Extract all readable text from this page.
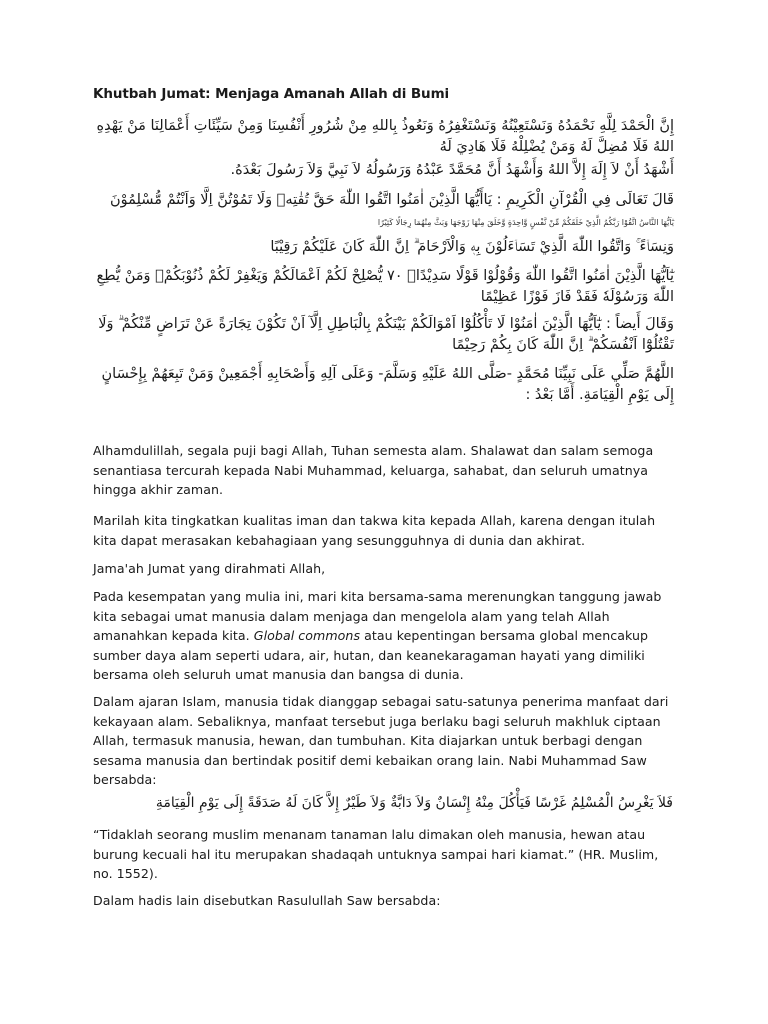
Khutbah Jumat: Menjaga Amanah Allah di Bumi
إِنَّ الْحَمْدَ لِلَّهِ نَحْمَدُهُ وَنَسْتَعِيْنُهُ وَنَسْتَغْفِرُهُ وَنَعُوذُ بِاللهِ مِنْ شُرُورِ أَنْفُسِنَا وَمِنْ سَيِّئَاتِ أَعْمَالِنَا مَنْ يَهْدِهِ اللهُ فَلَا مُضِلَّ لَهُ وَمَنْ يُضْلِلْهُ فَلَا هَادِيَ لَهُ
أَشْهَدُ أَنْ لاَ إِلَهَ إِلاَّ اللهُ وَأَشْهَدُ أَنَّ مُحَمَّدً عَبْدُهُ وَرَسُولُهُ لاَ نَبِيَّ وَلاَ رَسُولَ بَعْدَهُ.
قَالَ تَعَالَى فِي الْقُرْآنِ الْكَرِيمِ : يَاأَيُّهَا الَّذِيْنَ اٰمَنُوا اتَّقُوا اللّٰهَ حَقَّ تُقٰتِهٖ وَلَا تَمُوْتُنَّ اِلَّا وَاَنْتُمْ مُّسْلِمُوْنَ
يٰٓاَيُّهَا النَّاسُ اتَّقُوْا رَبَّكُمُ الَّذِيْ خَلَقَكُمْ مِّنْ نَّفْسٍ وَّاحِدَةٍ وَّخَلَقَ مِنْهَا زَوْجَهَا وَبَثَّ مِنْهُمَا رِجَالًا كَثِيْرًا
وَنِسَاۤءً ۚ وَاتَّقُوا اللّٰهَ الَّذِيْ تَسَاۤءَلُوْنَ بِهٖ وَالْاَرْحَامَ ۗ اِنَّ اللّٰهَ كَانَ عَلَيْكُمْ رَقِيْبًا
يٰٓاَيُّهَا الَّذِيْنَ اٰمَنُوا اتَّقُوا اللّٰهَ وَقُوْلُوْا قَوْلًا سَدِيْدًاۙ ٧٠ يُّصْلِحْ لَكُمْ اَعْمَالَكُمْ وَيَغْفِرْ لَكُمْ ذُنُوْبَكُمْۗ وَمَنْ يُّطِعِ اللّٰهَ وَرَسُوْلَهٗ فَقَدْ فَازَ فَوْزًا عَظِيْمًا
وَقَالَ أَيضاً : يٰٓاَيُّهَا الَّذِيْنَ اٰمَنُوْا لَا تَأْكُلُوْٓا اَمْوَالَكُمْ بَيْنَكُمْ بِالْبَاطِلِ اِلَّآ اَنْ تَكُوْنَ تِجَارَةً عَنْ تَرَاضٍ مِّنْكُمْ ۗ وَلَا تَقْتُلُوْٓا اَنْفُسَكُمْ ۗ اِنَّ اللّٰهَ كَانَ بِكُمْ رَحِيْمًا
اللَّهُمَّ صَلِّي عَلَى نَبِيِّنَا مُحَمَّدٍ -صَلَّى اللهُ عَلَيْهِ وَسَلَّمَ- وَعَلَى آلِهِ وَأَصْحَابِهِ أَجْمَعِينْ وَمَنْ تَبِعَهُمْ بِإِحْسَانٍ إِلَى يَوْمِ الْقِيَامَةِ. أَمَّا بَعْدُ :
Alhamdulillah, segala puji bagi Allah, Tuhan semesta alam. Shalawat dan salam semoga senantiasa tercurah kepada Nabi Muhammad, keluarga, sahabat, dan seluruh umatnya hingga akhir zaman.
Marilah kita tingkatkan kualitas iman dan takwa kita kepada Allah, karena dengan itulah kita dapat merasakan kebahagiaan yang sesungguhnya di dunia dan akhirat.
Jama'ah Jumat yang dirahmati Allah,
Pada kesempatan yang mulia ini, mari kita bersama-sama merenungkan tanggung jawab kita sebagai umat manusia dalam menjaga dan mengelola alam yang telah Allah amanahkan kepada kita. Global commons atau kepentingan bersama global mencakup sumber daya alam seperti udara, air, hutan, dan keanekaragaman hayati yang dimiliki bersama oleh seluruh umat manusia dan bangsa di dunia.
Dalam ajaran Islam, manusia tidak dianggap sebagai satu-satunya penerima manfaat dari kekayaan alam. Sebaliknya, manfaat tersebut juga berlaku bagi seluruh makhluk ciptaan Allah, termasuk manusia, hewan, dan tumbuhan. Kita diajarkan untuk berbagi dengan sesama manusia dan bertindak positif demi kebaikan orang lain. Nabi Muhammad Saw bersabda:
فَلاَ يَغْرِسُ الْمُسْلِمُ غَرْسًا فَيَأْكُلَ مِنْهُ إِنْسَانٌ وَلاَ دَابَّةٌ وَلاَ طَيْرٌ إِلاَّ كَانَ لَهُ صَدَقَةً إِلَى يَوْمِ الْقِيَامَةِ
“Tidaklah seorang muslim menanam tanaman lalu dimakan oleh manusia, hewan atau burung kecuali hal itu merupakan shadaqah untuknya sampai hari kiamat.” (HR. Muslim, no. 1552).
Dalam hadis lain disebutkan Rasulullah Saw bersabda:
